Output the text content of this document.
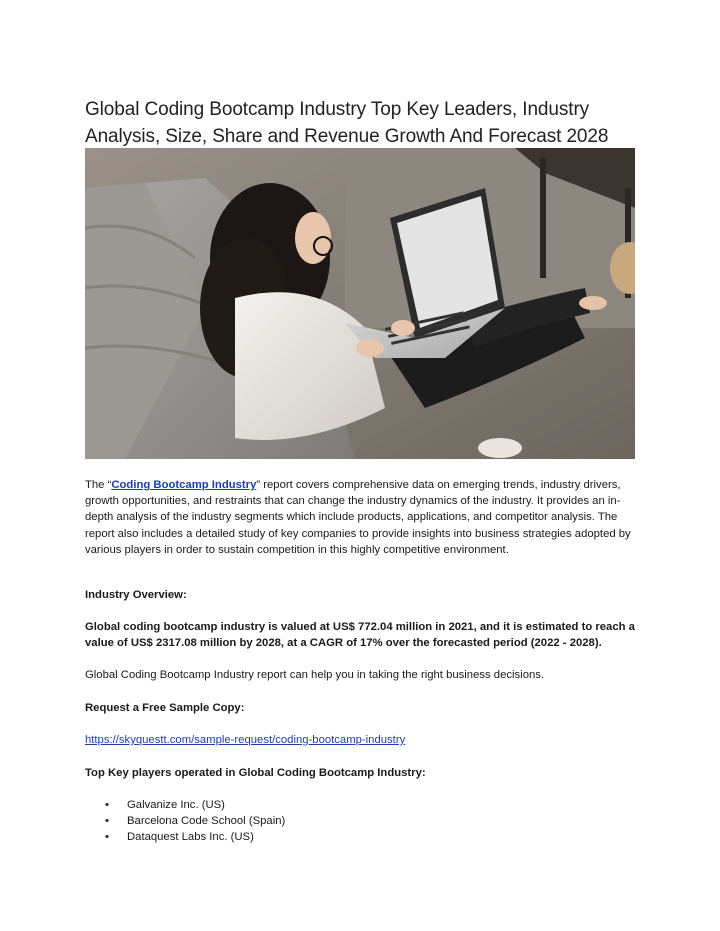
Global Coding Bootcamp Industry Top Key Leaders, Industry Analysis, Size, Share and Revenue Growth And Forecast 2028
The “Coding Bootcamp Industry” report covers comprehensive data on emerging trends, industry drivers, growth opportunities, and restraints that can change the industry dynamics of the industry. It provides an in-depth analysis of the industry segments which include products, applications, and competitor analysis. The report also includes a detailed study of key companies to provide insights into business strategies adopted by various players in order to sustain competition in this highly competitive environment.
Industry Overview:
Global coding bootcamp industry is valued at US$ 772.04 million in 2021, and it is estimated to reach a value of US$ 2317.08 million by 2028, at a CAGR of 17% over the forecasted period (2022 - 2028).
Global Coding Bootcamp Industry report can help you in taking the right business decisions.
Request a Free Sample Copy:
https://skyquestt.com/sample-request/coding-bootcamp-industry
Top Key players operated in Global Coding Bootcamp Industry:
• Galvanize Inc. (US)
• Barcelona Code School (Spain)
• Dataquest Labs Inc. (US)
